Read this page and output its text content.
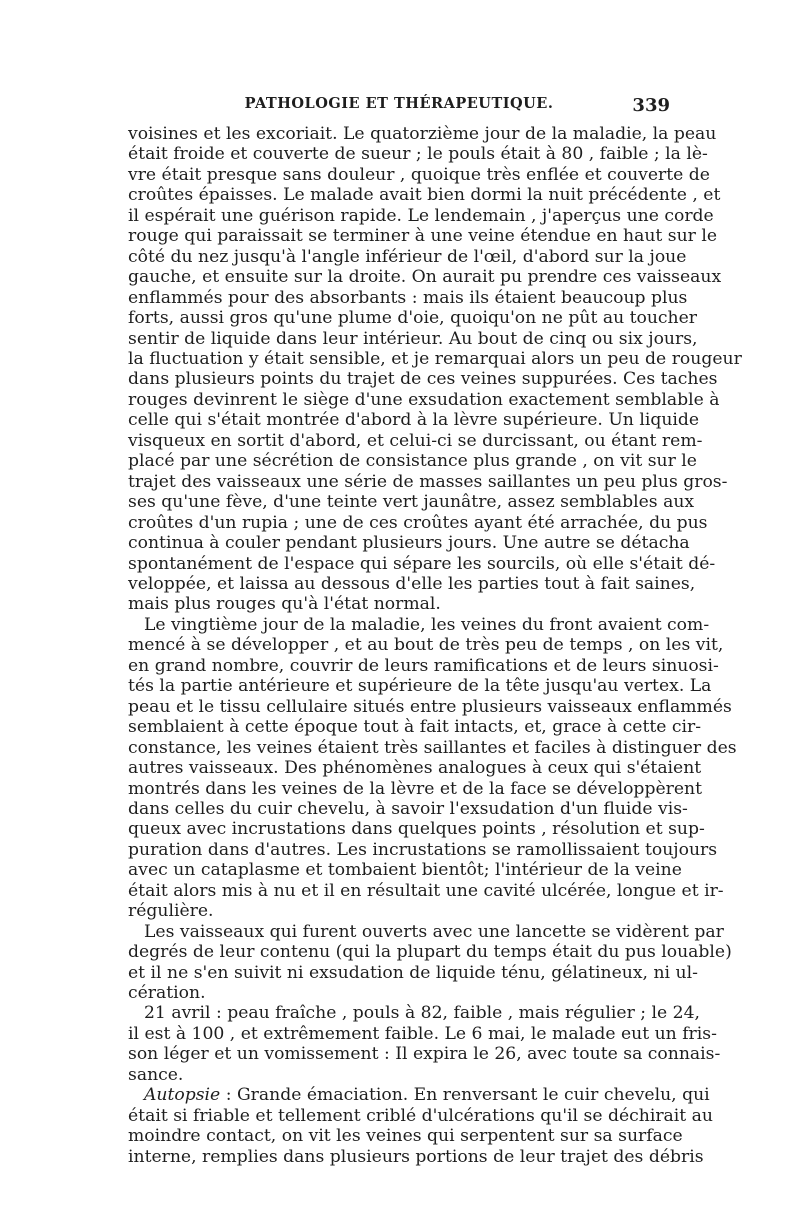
PATHOLOGIE ET THÉRAPEUTIQUE.	339
voisines et les excoriait. Le quatorzième jour de la maladie, la peau
était froide et couverte de sueur ; le pouls était à 80 , faible ; la lè-
vre était presque sans douleur , quoique très enflée et couverte de
croûtes épaisses. Le malade avait bien dormi la nuit précédente , et
il espérait une guérison rapide. Le lendemain , j'aperçus une corde
rouge qui paraissait se terminer à une veine étendue en haut sur le
côté du nez jusqu'à l'angle inférieur de l'œil, d'abord sur la joue
gauche, et ensuite sur la droite. On aurait pu prendre ces vaisseaux
enflammés pour des absorbants : mais ils étaient beaucoup plus
forts, aussi gros qu'une plume d'oie, quoiqu'on ne pût au toucher
sentir de liquide dans leur intérieur. Au bout de cinq ou six jours,
la fluctuation y était sensible, et je remarquai alors un peu de rougeur
dans plusieurs points du trajet de ces veines suppurées. Ces taches
rouges devinrent le siège d'une exsudation exactement semblable à
celle qui s'était montrée d'abord à la lèvre supérieure. Un liquide
visqueux en sortit d'abord, et celui-ci se durcissant, ou étant rem-
placé par une sécrétion de consistance plus grande , on vit sur le
trajet des vaisseaux une série de masses saillantes un peu plus gros-
ses qu'une fève, d'une teinte vert jaunâtre, assez semblables aux
croûtes d'un rupia ; une de ces croûtes ayant été arrachée, du pus
continua à couler pendant plusieurs jours. Une autre se détacha
spontanément de l'espace qui sépare les sourcils, où elle s'était dé-
veloppée, et laissa au dessous d'elle les parties tout à fait saines,
mais plus rouges qu'à l'état normal.
Le vingtième jour de la maladie, les veines du front avaient com-
mencé à se développer , et au bout de très peu de temps , on les vit,
en grand nombre, couvrir de leurs ramifications et de leurs sinuosi-
tés la partie antérieure et supérieure de la tête jusqu'au vertex. La
peau et le tissu cellulaire situés entre plusieurs vaisseaux enflammés
semblaient à cette époque tout à fait intacts, et, grace à cette cir-
constance, les veines étaient très saillantes et faciles à distinguer des
autres vaisseaux. Des phénomènes analogues à ceux qui s'étaient
montrés dans les veines de la lèvre et de la face se développèrent
dans celles du cuir chevelu, à savoir l'exsudation d'un fluide vis-
queux avec incrustations dans quelques points , résolution et sup-
puration dans d'autres. Les incrustations se ramollissaient toujours
avec un cataplasme et tombaient bientôt; l'intérieur de la veine
était alors mis à nu et il en résultait une cavité ulcérée, longue et ir-
régulière.
Les vaisseaux qui furent ouverts avec une lancette se vidèrent par
degrés de leur contenu (qui la plupart du temps était du pus louable)
et il ne s'en suivit ni exsudation de liquide ténu, gélatineux, ni ul-
cération.
21 avril : peau fraîche , pouls à 82, faible , mais régulier ; le 24,
il est à 100 , et extrêmement faible. Le 6 mai, le malade eut un fris-
son léger et un vomissement : Il expira le 26, avec toute sa connais-
sance.
Autopsie : Grande émaciation. En renversant le cuir chevelu, qui
était si friable et tellement criblé d'ulcérations qu'il se déchirait au
moindre contact, on vit les veines qui serpentent sur sa surface
interne, remplies dans plusieurs portions de leur trajet des débris
